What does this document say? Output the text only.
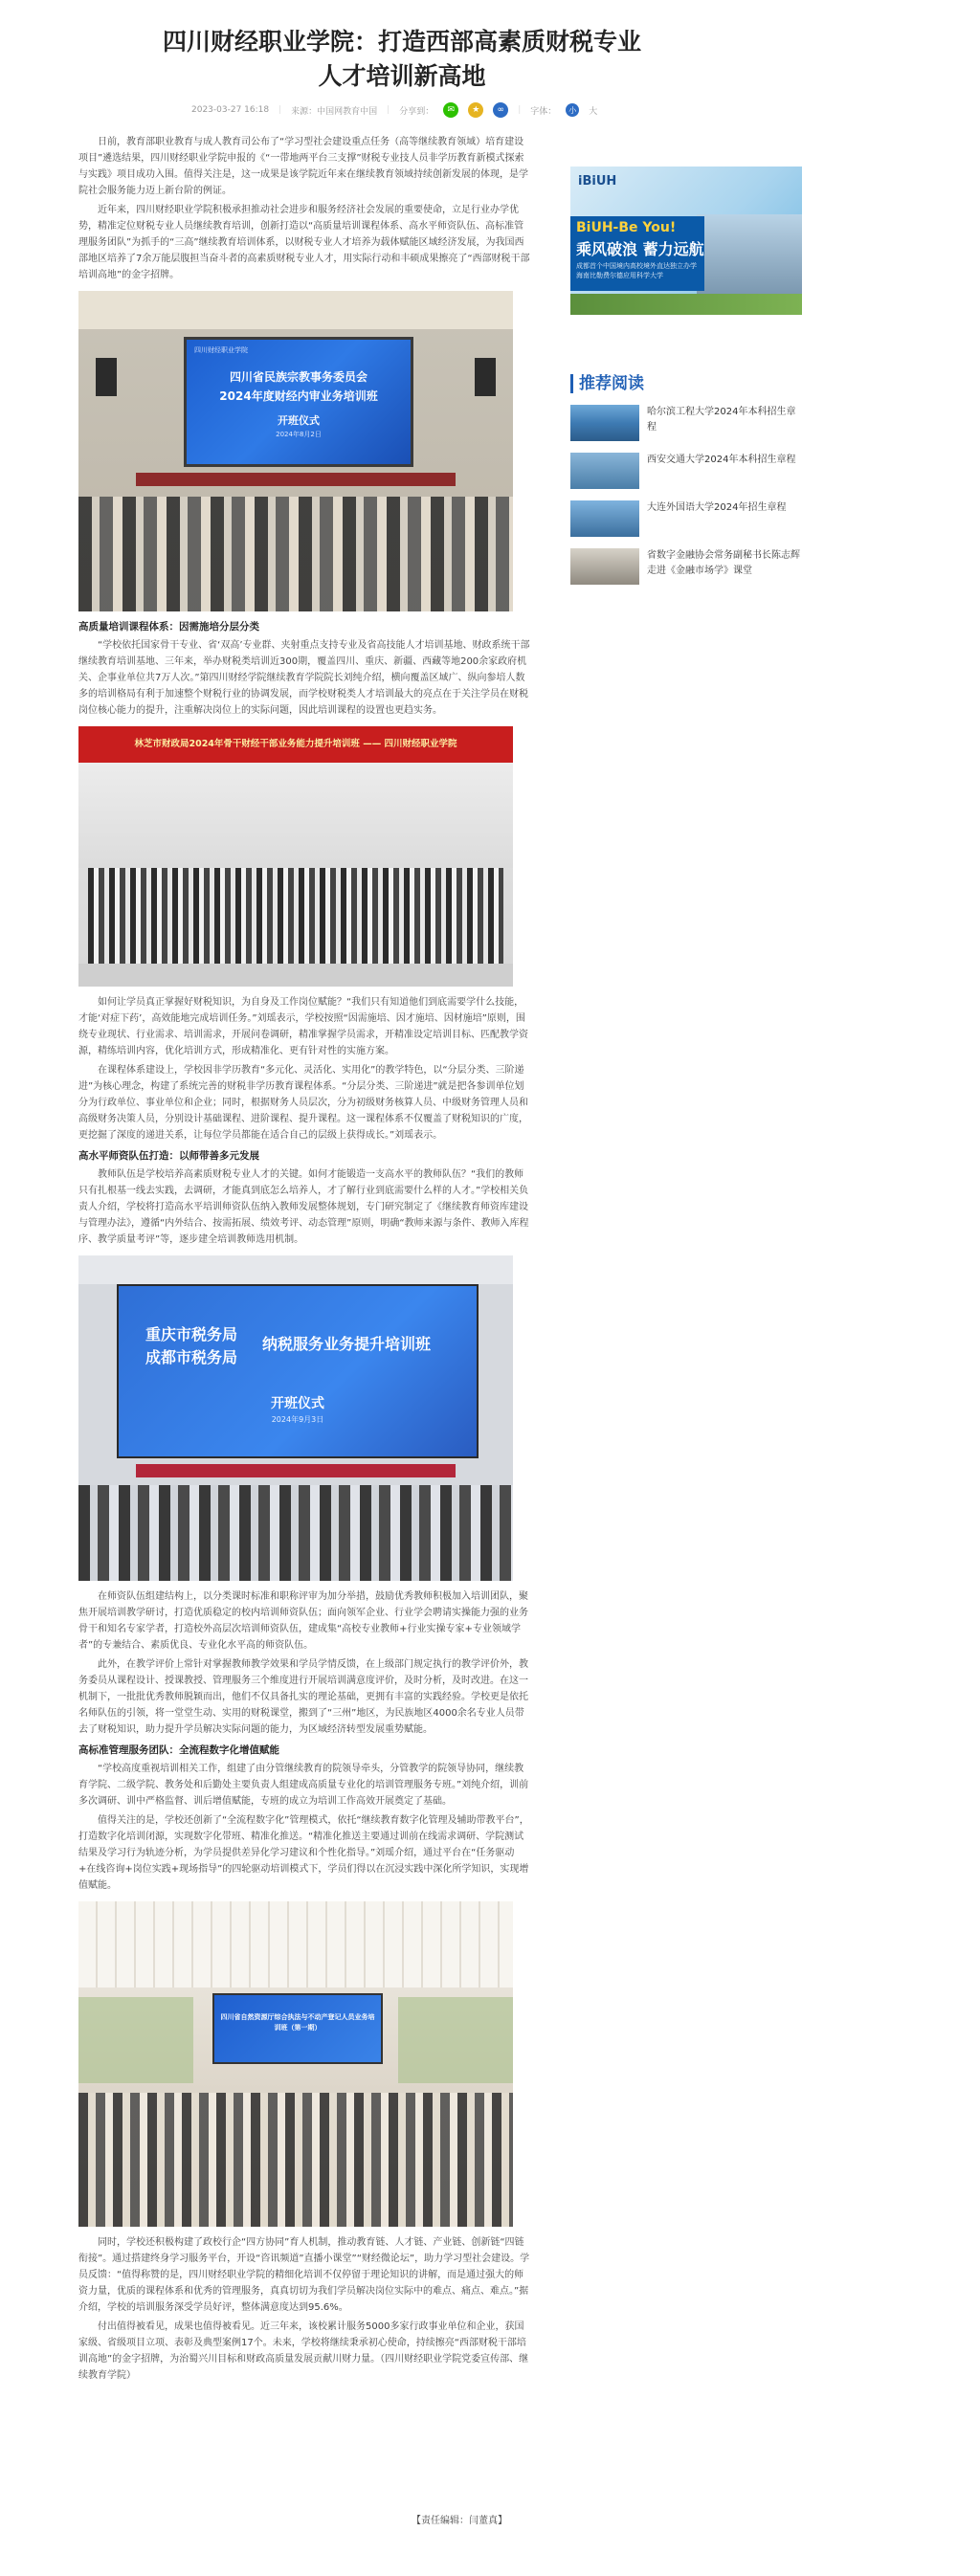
四川财经职业学院：打造西部高素质财税专业人才培训新高地
2023-03-27 16:18 | 来源：中国网教育中国 | 分享到：	✉	★	∞	| 字体：	小	大

日前，教育部职业教育与成人教育司公布了“学习型社会建设重点任务（高等继续教育领域）培育建设项目”遴选结果，四川财经职业学院申报的《“一带地两平台三支撑”财税专业技人员非学历教育新模式探索与实践》项目成功入围。值得关注是，这一成果是该学院近年来在继续教育领域持续创新发展的体现，是学院社会服务能力迈上新台阶的例证。

近年来，四川财经职业学院积极承担推动社会进步和服务经济社会发展的重要使命，立足行业办学优势，精准定位财税专业人员继续教育培训，创新打造以“高质量培训课程体系、高水平师资队伍、高标准管理服务团队”为抓手的“三高”继续教育培训体系，以财税专业人才培养为载体赋能区域经济发展，为我国西部地区培养了7余万能层腹担当奋斗者的高素质财税专业人才，用实际行动和丰硕成果擦亮了“西部财税干部培训高地”的金字招牌。

四川财经职业学院
四川省民族宗教事务委员会
2024年度财经内审业务培训班
开班仪式
2024年8月2日
高质量培训课程体系：因需施培分层分类

“学校依托国家骨干专业、省‘双高’专业群、夹射重点支持专业及省高技能人才培训基地、财政系统干部继续教育培训基地、三年来，举办财税类培训近300期，覆盖四川、重庆、新疆、西藏等地200余家政府机关、企事业单位共7万人次。”第四川财经学院继续教育学院院长刘纯介绍，横向覆盖区域广、纵向参培人数多的培训格局有利于加速整个财税行业的协调发展，而学校财税类人才培训最大的亮点在于关注学员在财税岗位核心能力的提升，注重解决岗位上的实际问题，因此培训课程的设置也更趋实务。

林芝市财政局2024年骨干财经干部业务能力提升培训班 —— 四川财经职业学院

如何让学员真正掌握好财税知识，为自身及工作岗位赋能？“我们只有知道他们到底需要学什么技能，才能‘对症下药’，高效能地完成培训任务。”刘瑶表示，学校按照“因需施培、因才施培、因材施培”原则，围绕专业现状、行业需求、培训需求，开展问卷调研，精准掌握学员需求，开精准设定培训目标、匹配教学资源，精练培训内容，优化培训方式，形成精准化、更有针对性的实施方案。

在课程体系建设上，学校因非学历教育“多元化、灵活化、实用化”的教学特色，以“分层分类、三阶递进”为核心理念，构建了系统完善的财税非学历教育课程体系。“分层分类、三阶递进”就是把各参训单位划分为行政单位、事业单位和企业；同时，根据财务人员层次，分为初级财务核算人员、中级财务管理人员和高级财务决策人员，分别设计基础课程、进阶课程、提升课程。这一课程体系不仅覆盖了财税知识的广度，更挖掘了深度的递进关系，让每位学员都能在适合自己的层级上获得成长。”刘瑶表示。

高水平师资队伍打造：以师带善多元发展

教师队伍是学校培养高素质财税专业人才的关键。如何才能锻造一支高水平的教师队伍？“我们的教师只有扎根基一线去实践，去调研，才能真到底怎么培养人，才了解行业到底需要什么样的人才。”学校相关负责人介绍，学校将打造高水平培训师资队伍纳入教师发展整体规划，专门研究制定了《继续教育师资库建设与管理办法》，遵循“内外结合、按需拓展、绩效考评、动态管理”原则，明确“教师来源与条件、教师入库程序、教学质量考评”等，逐步建全培训教师选用机制。

重庆市税务局
成都市税务局
纳税服务业务提升培训班
开班仪式
2024年9月3日

在师资队伍组建结构上，以分类课时标准和职称评审为加分举措，鼓励优秀教师积极加入培训团队，聚焦开展培训教学研讨，打造优质稳定的校内培训师资队伍；面向领军企业、行业学会聘请实操能力强的业务骨干和知名专家学者，打造校外高层次培训师资队伍，建成集“高校专业教师+行业实操专家+专业领域学者”的专兼结合、素质优良、专业化水平高的师资队伍。

此外，在教学评价上常针对掌握教师教学效果和学员学情反馈，在上级部门规定执行的教学评价外，教务委员从课程设计、授课教授、管理服务三个维度进行开展培训满意度评价，及时分析，及时改进。在这一机制下，一批批优秀教师脱颖而出，他们不仅具备扎实的理论基础，更拥有丰富的实践经验。学校更是依托名师队伍的引领，将一堂堂生动、实用的财税课堂，搬到了“三州”地区，为民族地区4000余名专业人员带去了财税知识，助力提升学员解决实际问题的能力，为区域经济转型发展重势赋能。

高标准管理服务团队：全流程数字化增值赋能

“学校高度重视培训相关工作，组建了由分管继续教育的院领导牵头，分管教学的院领导协同，继续教育学院、二级学院、教务处和后勤处主要负责人组建成高质量专业化的培训管理服务专班。”刘纯介绍，训前多次调研、训中严格监督、训后增值赋能，专班的成立为培训工作高效开展奠定了基础。

值得关注的是，学校还创新了“全流程数字化”管理模式，依托“继续教育数字化管理及辅助带教平台”，打造数字化培训闭源，实现数字化带班、精准化推送。“精准化推送主要通过训前在线需求调研、学院测试结果及学习行为轨迹分析，为学员提供差异化学习建议和个性化指导。”刘瑶介绍，通过平台在“任务驱动+在线咨询+岗位实践+现场指导”的四轮驱动培训模式下，学员们得以在沉浸实践中深化所学知识，实现增值赋能。

四川省自然资源厅综合执法与不动产登记人员业务培训班（第一期）

同时，学校还积极构建了政校行企“四方协同”育人机制，推动教育链、人才链、产业链、创新链“四链衔接”。通过搭建终身学习服务平台，开设“咨讯频道”直播小课堂”“财经微论坛”，助力学习型社会建设。学员反馈：“值得称赞的是，四川财经职业学院的精细化培训不仅停留于理论知识的讲解，而是通过强大的师资力量，优质的课程体系和优秀的管理服务，真真切切为我们学员解决岗位实际中的难点、痛点、难点。”据介绍，学校的培训服务深受学员好评，整体满意度达到95.6%。

付出值得被看见，成果也值得被看见。近三年来，该校累计服务5000多家行政事业单位和企业，获国家级、省级项目立项、表彰及典型案例17个。未来，学校将继续秉承初心使命，持续擦亮“西部财税干部培训高地”的金字招牌，为治蜀兴川目标和财政高质量发展贡献川财力量。（四川财经职业学院党委宣传部、继续教育学院）

【责任编辑：闫董真】
iBiUH
BiUH-Be You!
乘风破浪 蓄力远航
成都首个中国境内高校境外直达独立办学 海南比勒费尔德应用科学大学
推荐阅读
哈尔滨工程大学2024年本科招生章程
西安交通大学2024年本科招生章程
大连外国语大学2024年招生章程
省数字金融协会常务副秘书长陈志辉走进《金融市场学》课堂
